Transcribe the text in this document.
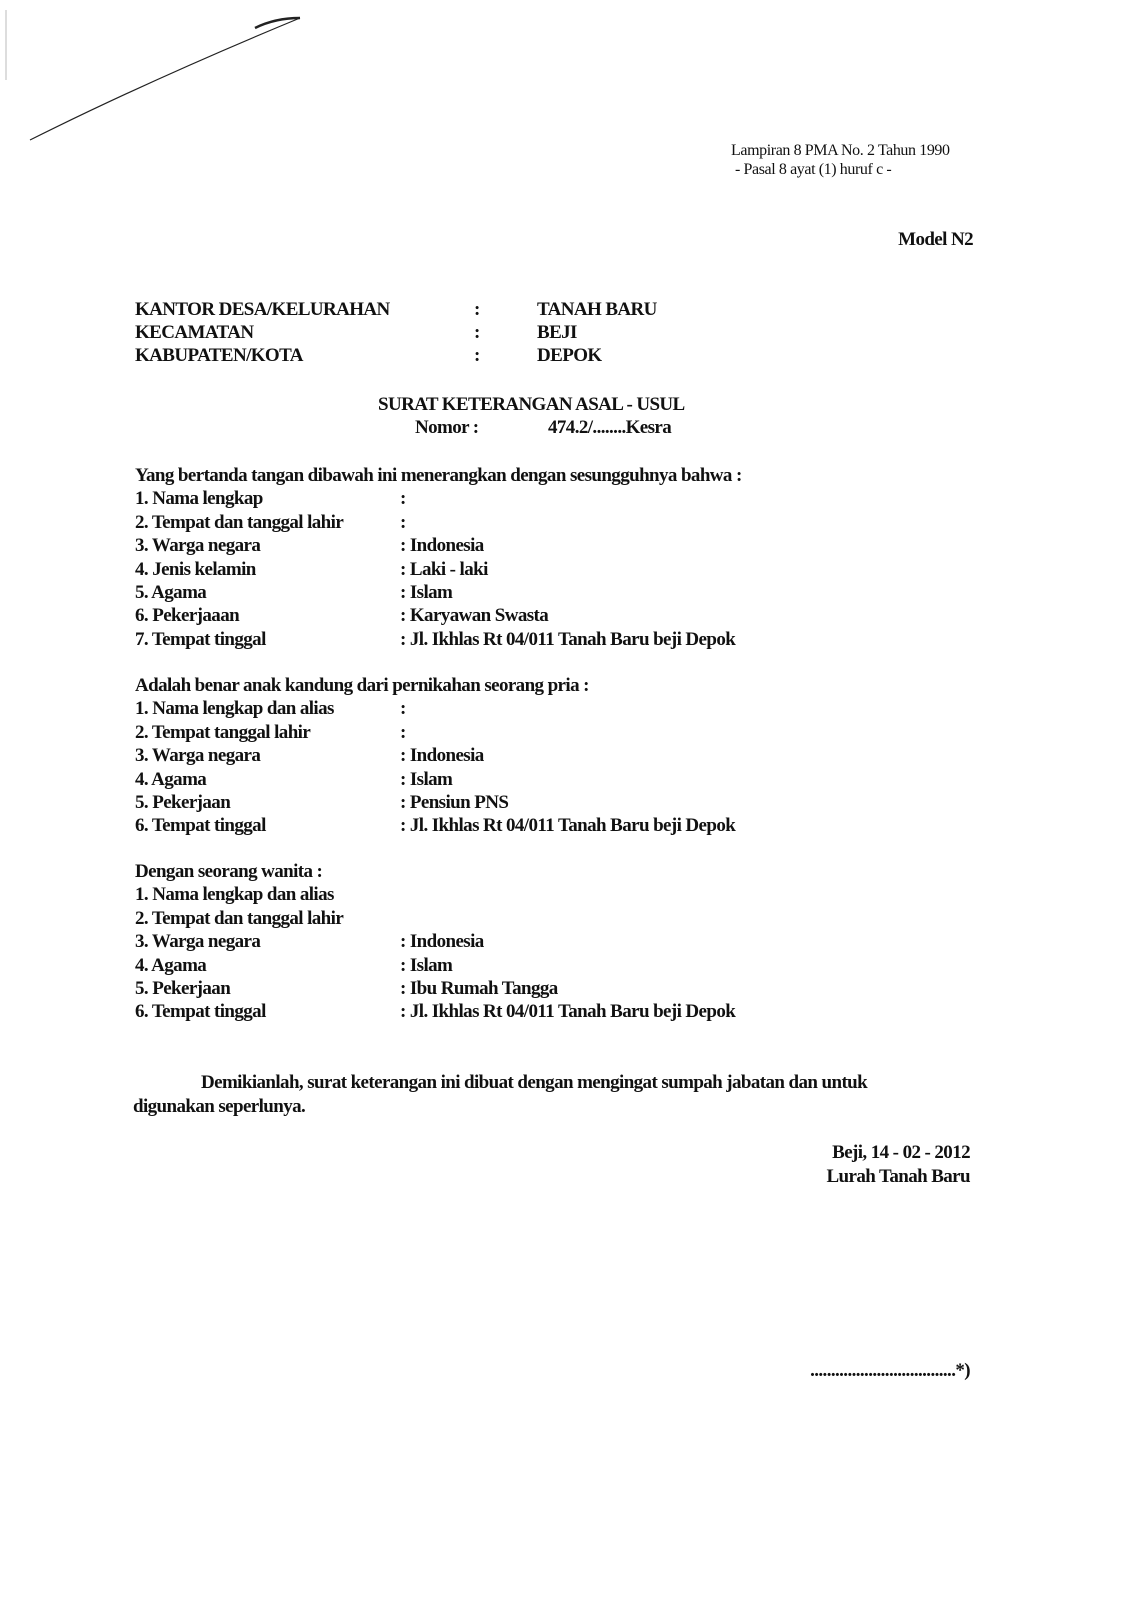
Lampiran 8 PMA No. 2 Tahun 1990
- Pasal 8 ayat (1) huruf c -
Model N2
KANTOR DESA/KELURAHAN	:	TANAH BARU
KECAMATAN	:	BEJI
KABUPATEN/KOTA	:	DEPOK
SURAT KETERANGAN ASAL - USUL
Nomor :	474.2/........Kesra
Yang bertanda tangan dibawah ini menerangkan dengan sesungguhnya bahwa :
1. Nama lengkap	:
2. Tempat dan tanggal lahir	:
3. Warga negara	: Indonesia
4. Jenis kelamin	: Laki - laki
5. Agama	: Islam
6. Pekerjaaan	: Karyawan Swasta
7. Tempat tinggal	: Jl. Ikhlas Rt 04/011 Tanah Baru beji Depok
Adalah benar anak kandung dari pernikahan seorang pria :
1. Nama lengkap dan alias	:
2. Tempat tanggal lahir	:
3. Warga negara	: Indonesia
4. Agama	: Islam
5. Pekerjaan	: Pensiun PNS
6. Tempat tinggal	: Jl. Ikhlas Rt 04/011 Tanah Baru beji Depok
Dengan seorang wanita :
1. Nama lengkap dan alias
2. Tempat dan tanggal lahir
3. Warga negara	: Indonesia
4. Agama	: Islam
5. Pekerjaan	: Ibu Rumah Tangga
6. Tempat tinggal	: Jl. Ikhlas Rt 04/011 Tanah Baru beji Depok
Demikianlah, surat keterangan ini dibuat dengan mengingat sumpah jabatan dan untuk
digunakan seperlunya.
Beji, 14 - 02 - 2012
Lurah Tanah Baru
...................................*)
